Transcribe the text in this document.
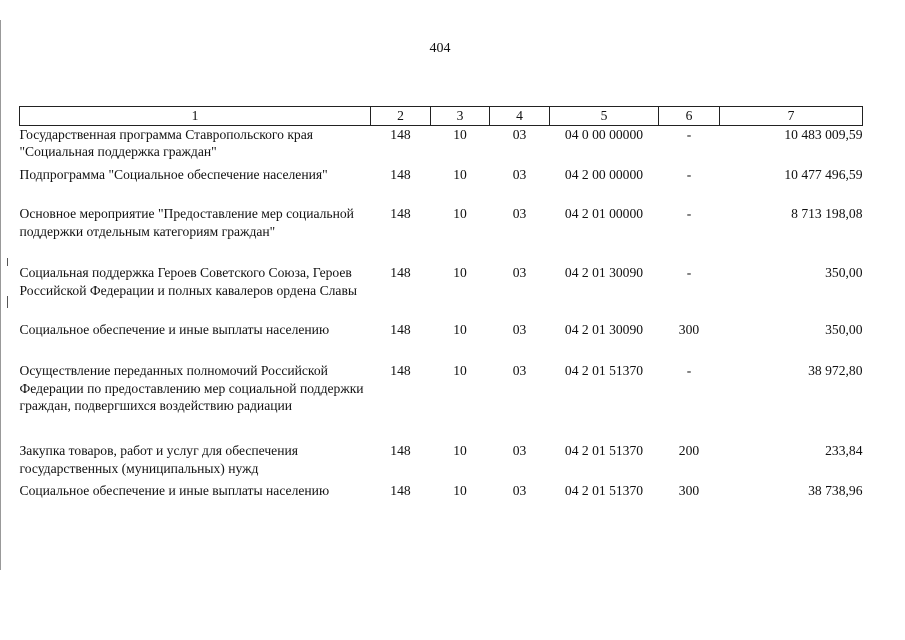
404
1	2	3	4	5	6	7
Государственная программа Ставропольского края "Социальная поддержка граждан"	148	10	03	04 0 00 00000	-	10 483 009,59
Подпрограмма "Социальное обеспечение населения"	148	10	03	04 2 00 00000	-	10 477 496,59
Основное мероприятие "Предоставление мер социальной поддержки отдельным категориям граждан"	148	10	03	04 2 01 00000	-	8 713 198,08
Социальная поддержка Героев Советского Союза, Героев Российской Федерации и полных кавалеров ордена Славы	148	10	03	04 2 01 30090	-	350,00
Социальное обеспечение и иные выплаты населению	148	10	03	04 2 01 30090	300	350,00
Осуществление переданных полномочий Российской Федерации по предоставлению мер социальной поддержки граждан, подвергшихся воздействию радиации	148	10	03	04 2 01 51370	-	38 972,80
Закупка товаров, работ и услуг для обеспечения государственных (муниципальных) нужд	148	10	03	04 2 01 51370	200	233,84
Социальное обеспечение и иные выплаты населению	148	10	03	04 2 01 51370	300	38 738,96
